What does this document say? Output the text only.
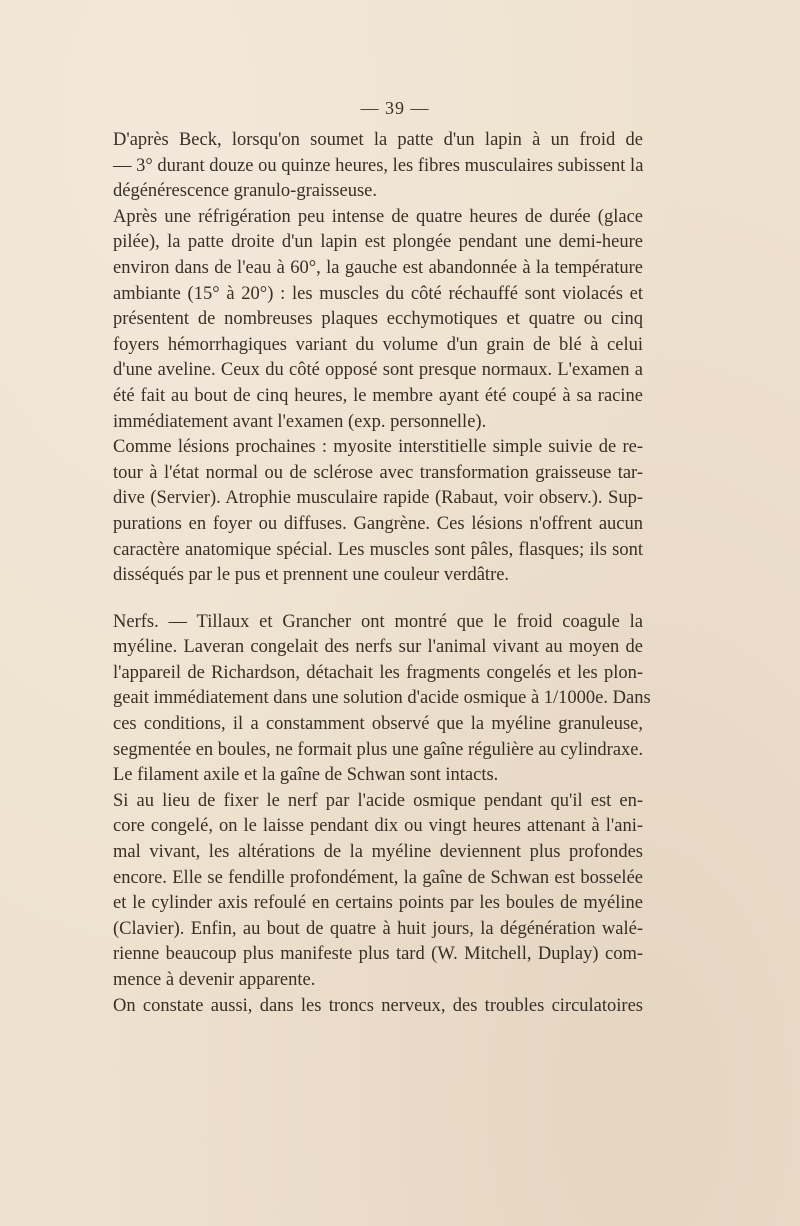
— 39 —
D'après Beck, lorsqu'on soumet la patte d'un lapin à un froid de
— 3° durant douze ou quinze heures, les fibres musculaires subissent la
dégénérescence granulo-graisseuse.
Après une réfrigération peu intense de quatre heures de durée (glace
pilée), la patte droite d'un lapin est plongée pendant une demi-heure
environ dans de l'eau à 60°, la gauche est abandonnée à la température
ambiante (15° à 20°) : les muscles du côté réchauffé sont violacés et
présentent de nombreuses plaques ecchymotiques et quatre ou cinq
foyers hémorrhagiques variant du volume d'un grain de blé à celui
d'une aveline. Ceux du côté opposé sont presque normaux. L'examen a
été fait au bout de cinq heures, le membre ayant été coupé à sa racine
immédiatement avant l'examen (exp. personnelle).
Comme lésions prochaines : myosite interstitielle simple suivie de re-
tour à l'état normal ou de sclérose avec transformation graisseuse tar-
dive (Servier). Atrophie musculaire rapide (Rabaut, voir observ.). Sup-
purations en foyer ou diffuses. Gangrène. Ces lésions n'offrent aucun
caractère anatomique spécial. Les muscles sont pâles, flasques; ils sont
disséqués par le pus et prennent une couleur verdâtre.
Nerfs. — Tillaux et Grancher ont montré que le froid coagule la
myéline. Laveran congelait des nerfs sur l'animal vivant au moyen de
l'appareil de Richardson, détachait les fragments congelés et les plon-
geait immédiatement dans une solution d'acide osmique à 1/1000e. Dans
ces conditions, il a constamment observé que la myéline granuleuse,
segmentée en boules, ne formait plus une gaîne régulière au cylindraxe.
Le filament axile et la gaîne de Schwan sont intacts.
Si au lieu de fixer le nerf par l'acide osmique pendant qu'il est en-
core congelé, on le laisse pendant dix ou vingt heures attenant à l'ani-
mal vivant, les altérations de la myéline deviennent plus profondes
encore. Elle se fendille profondément, la gaîne de Schwan est bosselée
et le cylinder axis refoulé en certains points par les boules de myéline
(Clavier). Enfin, au bout de quatre à huit jours, la dégénération walé-
rienne beaucoup plus manifeste plus tard (W. Mitchell, Duplay) com-
mence à devenir apparente.
On constate aussi, dans les troncs nerveux, des troubles circulatoires
